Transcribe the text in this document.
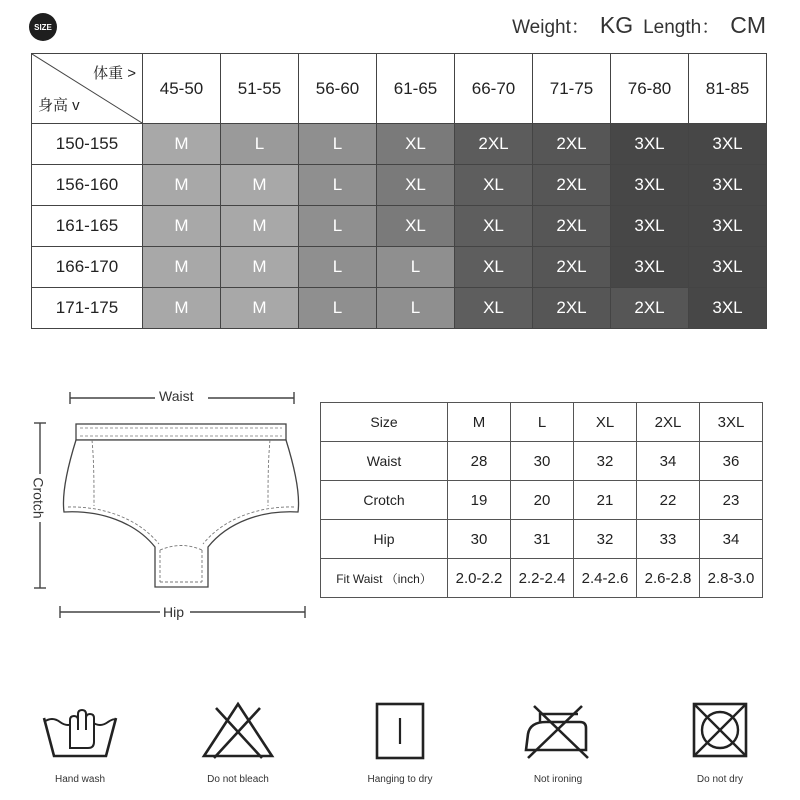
SIZE	Weight： KG Length： CM
体重 >
身高 v	45-50	51-55	56-60	61-65	66-70	71-75	76-80	81-85
150-155	M	L	L	XL	2XL	2XL	3XL	3XL
156-160	M	M	L	XL	XL	2XL	3XL	3XL
161-165	M	M	L	XL	XL	2XL	3XL	3XL
166-170	M	M	L	L	XL	2XL	3XL	3XL
171-175	M	M	L	L	XL	2XL	2XL	3XL
Waist
Crotch
Hip
Size	M	L	XL	2XL	3XL
Waist	28	30	32	34	36
Crotch	19	20	21	22	23
Hip	30	31	32	33	34
Fit Waist （inch）	2.0-2.2	2.2-2.4	2.4-2.6	2.6-2.8	2.8-3.0
Hand wash	Do not bleach	Hanging to dry	Not ironing	Do not dry
